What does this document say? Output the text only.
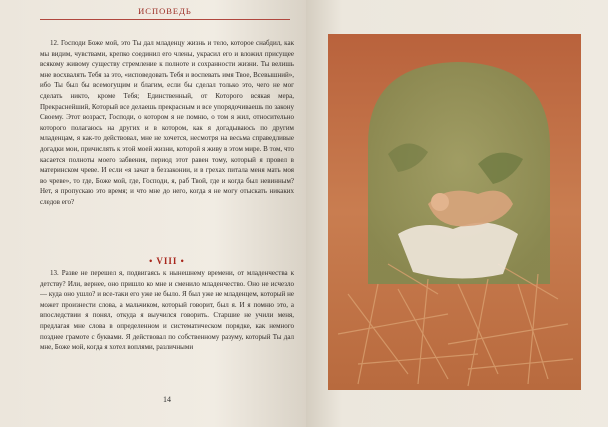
ИСПОВЕДЬ

12. Господи Боже мой, это Ты дал младенцу жизнь и тело, которое снабдил, как мы видим, чувствами, крепко соединил его члены, украсил его и вложил присущее всякому живому существу стремление к полноте и сохранности жизни. Ты велишь мне восхвалять Тебя за это, «исповедовать Тебя и воспевать имя Твое, Всевышний», ибо Ты был бы всемогущим и благим, если бы сделал только это, чего не мог сделать никто, кроме Тебя; Единственный, от Которого всякая мера, Прекраснейший, Который все делаешь прекрасным и все упорядочиваешь по закону Своему. Этот возраст, Господи, о котором я не помню, о том я жил, относительно которого полагаюсь на других и в котором, как я догадываюсь по другим младенцам, я как-то действовал, мне не хочется, несмотря на весьма справедливые догадки мои, причислять к этой моей жизни, которой я живу в этом мире. В том, что касается полноты моего забвения, период этот равен тому, который я провел в материнском чреве. И если «я зачат в беззаконии, и в грехах питала меня мать моя во чреве», то где, Боже мой, где, Господи, я, раб Твой, где и когда был невинным? Нет, я пропускаю это время; и что мне до него, когда я не могу отыскать никаких следов его?

• VIII •

13. Разве не перешел я, подвигаясь к нынешнему времени, от младенчества к детству? Или, вернее, оно пришло ко мне и сменило младенчество. Оно не исчезло — куда оно ушло? и все-таки его уже не было. Я был уже не младенцем, который не может произнести слова, а мальчиком, который говорит, был я. И я помню это, а впоследствии я понял, откуда я выучился говорить. Старшие не учили меня, предлагая мне слова в определенном и систематическом порядке, как немного позднее грамоте с буквами. Я действовал по собственному разуму, который Ты дал мне, Боже мой, когда я хотел воплями, различными

14
